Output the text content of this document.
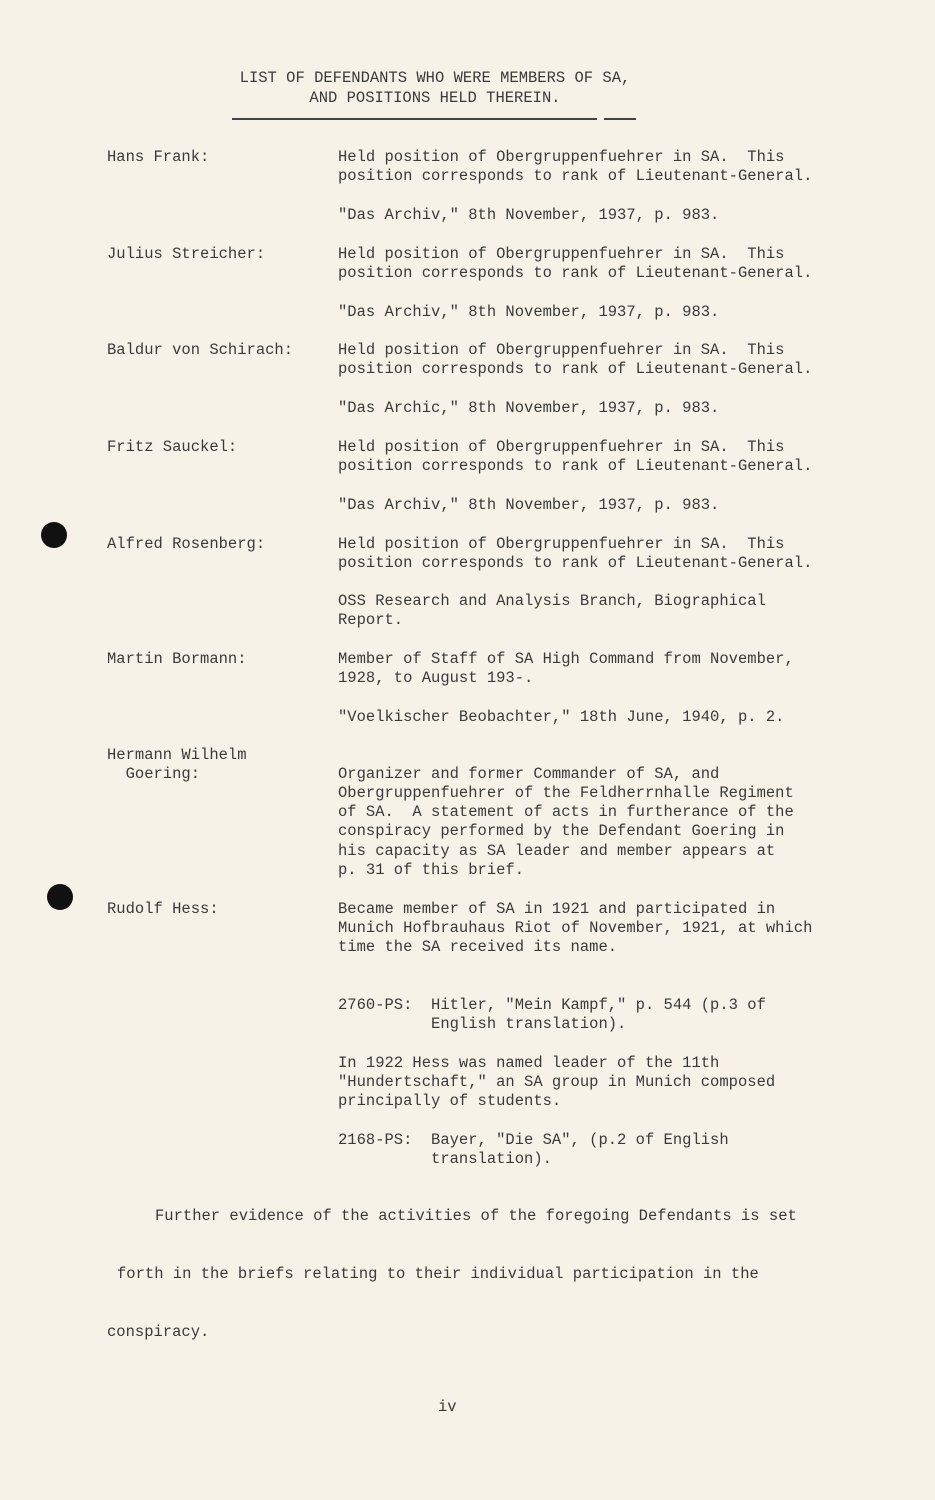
LIST OF DEFENDANTS WHO WERE MEMBERS OF SA,
AND POSITIONS HELD THEREIN.
Hans Frank:	Held position of Obergruppenfuehrer in SA.  This
position corresponds to rank of Lieutenant-General.
"Das Archiv," 8th November, 1937, p. 983.
Julius Streicher:	Held position of Obergruppenfuehrer in SA.  This
position corresponds to rank of Lieutenant-General.
"Das Archiv," 8th November, 1937, p. 983.
Baldur von Schirach:	Held position of Obergruppenfuehrer in SA.  This
position corresponds to rank of Lieutenant-General.
"Das Archic," 8th November, 1937, p. 983.
Fritz Sauckel:	Held position of Obergruppenfuehrer in SA.  This
position corresponds to rank of Lieutenant-General.
"Das Archiv," 8th November, 1937, p. 983.
Alfred Rosenberg:	Held position of Obergruppenfuehrer in SA.  This
position corresponds to rank of Lieutenant-General.
OSS Research and Analysis Branch, Biographical
Report.
Martin Bormann:	Member of Staff of SA High Command from November,
1928, to August 193-.
"Voelkischer Beobachter," 18th June, 1940, p. 2.
Hermann Wilhelm
Goering:	Organizer and former Commander of SA, and
Obergruppenfuehrer of the Feldherrnhalle Regiment
of SA.  A statement of acts in furtherance of the
conspiracy performed by the Defendant Goering in
his capacity as SA leader and member appears at
p. 31 of this brief.
Rudolf Hess:	Became member of SA in 1921 and participated in
Munich Hofbrauhaus Riot of November, 1921, at which
time the SA received its name.
2760-PS:  Hitler, "Mein Kampf," p. 544 (p.3 of
English translation).
In 1922 Hess was named leader of the 11th
"Hundertschaft," an SA group in Munich composed
principally of students.
2168-PS:  Bayer, "Die SA", (p.2 of English
translation).
Further evidence of the activities of the foregoing Defendants is set
forth in the briefs relating to their individual participation in the
conspiracy.
iv
